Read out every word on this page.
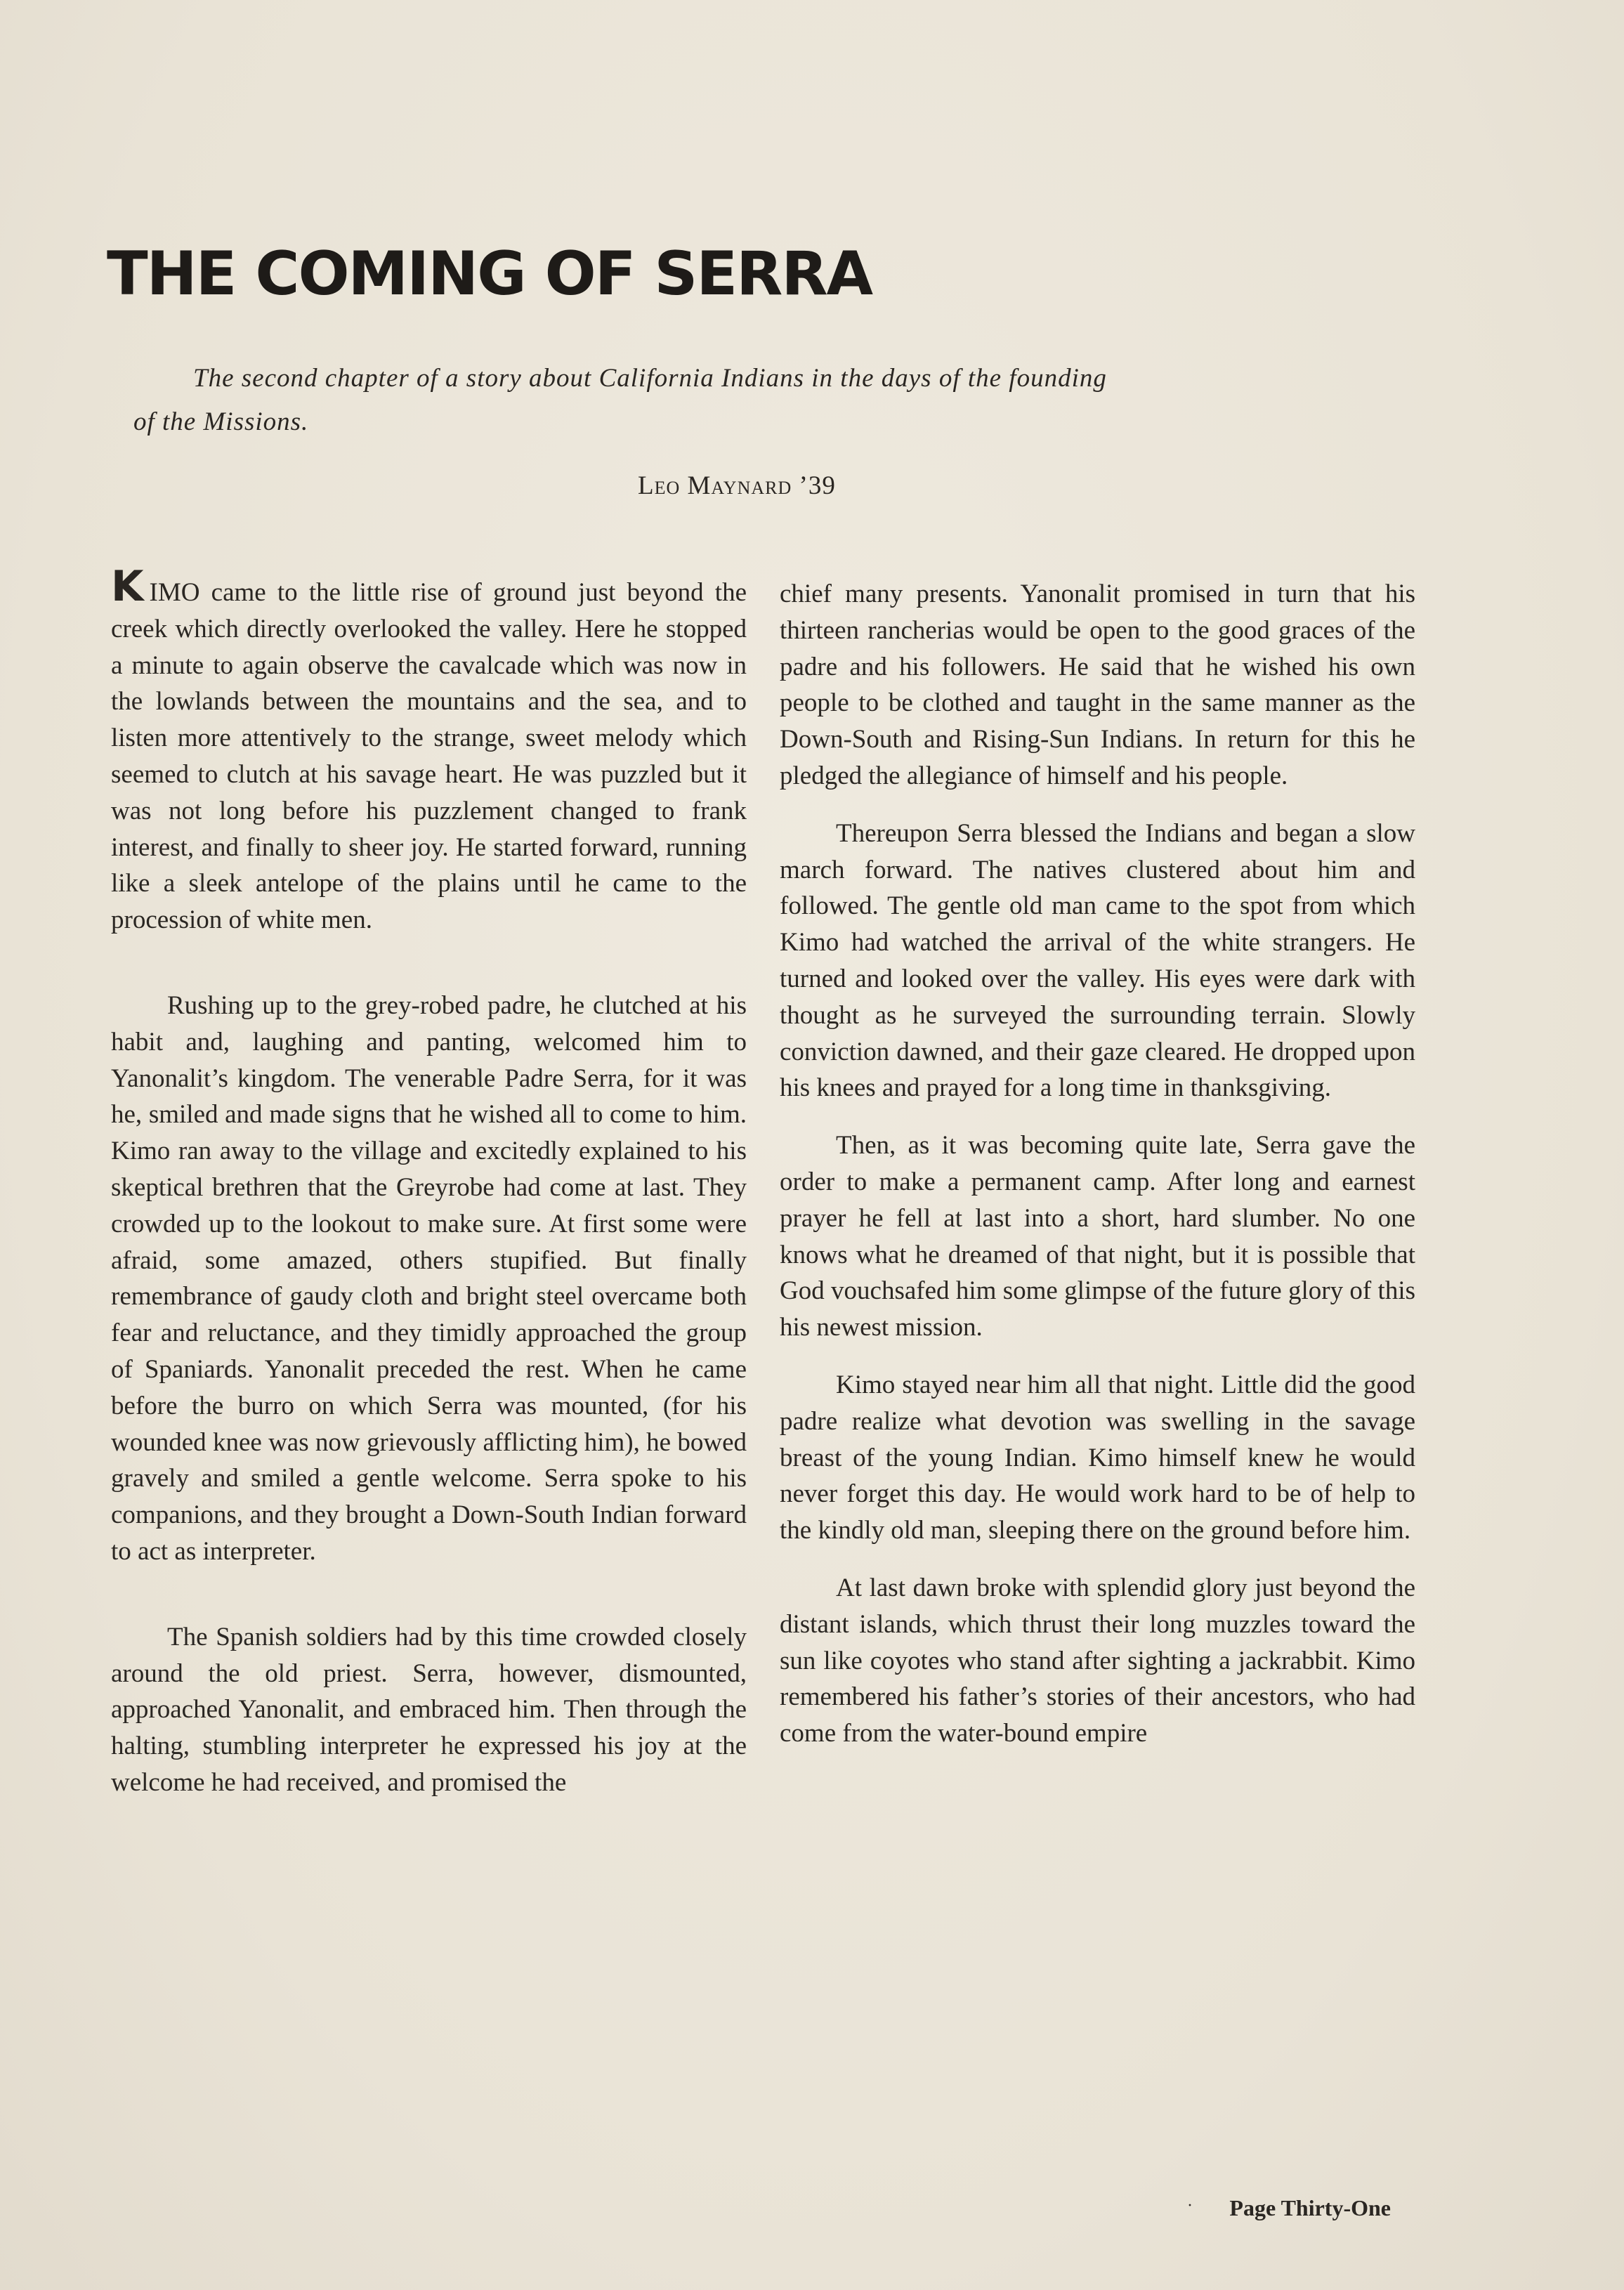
THE COMING OF SERRA

The second chapter of a story about California Indians in the days of the founding of the Missions.

Leo Maynard ’39

KIMO came to the little rise of ground just beyond the creek which directly overlooked the valley. Here he stopped a minute to again observe the cavalcade which was now in the lowlands between the mountains and the sea, and to listen more attentively to the strange, sweet melody which seemed to clutch at his savage heart. He was puzzled but it was not long before his puzzlement changed to frank interest, and finally to sheer joy. He started forward, running like a sleek antelope of the plains until he came to the procession of white men.

Rushing up to the grey-robed padre, he clutched at his habit and, laughing and panting, welcomed him to Yanonalit’s kingdom. The venerable Padre Serra, for it was he, smiled and made signs that he wished all to come to him. Kimo ran away to the village and excitedly explained to his skeptical brethren that the Greyrobe had come at last. They crowded up to the lookout to make sure. At first some were afraid, some amazed, others stupified. But finally remembrance of gaudy cloth and bright steel overcame both fear and reluctance, and they timidly approached the group of Spaniards. Yanonalit preceded the rest. When he came before the burro on which Serra was mounted, (for his wounded knee was now grievously afflicting him), he bowed gravely and smiled a gentle welcome. Serra spoke to his companions, and they brought a Down-South Indian forward to act as interpreter.

The Spanish soldiers had by this time crowded closely around the old priest. Serra, however, dismounted, approached Yanonalit, and embraced him. Then through the halting, stumbling interpreter he expressed his joy at the welcome he had received, and promised the

chief many presents. Yanonalit promised in turn that his thirteen rancherias would be open to the good graces of the padre and his followers. He said that he wished his own people to be clothed and taught in the same manner as the Down-South and Rising-Sun Indians. In return for this he pledged the allegiance of himself and his people.

Thereupon Serra blessed the Indians and began a slow march forward. The natives clustered about him and followed. The gentle old man came to the spot from which Kimo had watched the arrival of the white strangers. He turned and looked over the valley. His eyes were dark with thought as he surveyed the surrounding terrain. Slowly conviction dawned, and their gaze cleared. He dropped upon his knees and prayed for a long time in thanksgiving.

Then, as it was becoming quite late, Serra gave the order to make a permanent camp. After long and earnest prayer he fell at last into a short, hard slumber. No one knows what he dreamed of that night, but it is possible that God vouchsafed him some glimpse of the future glory of this his newest mission.

Kimo stayed near him all that night. Little did the good padre realize what devotion was swelling in the savage breast of the young Indian. Kimo himself knew he would never forget this day. He would work hard to be of help to the kindly old man, sleeping there on the ground before him.

At last dawn broke with splendid glory just beyond the distant islands, which thrust their long muzzles toward the sun like coyotes who stand after sighting a jackrabbit. Kimo remembered his father’s stories of their ancestors, who had come from the water-bound empire

· Page Thirty-One
